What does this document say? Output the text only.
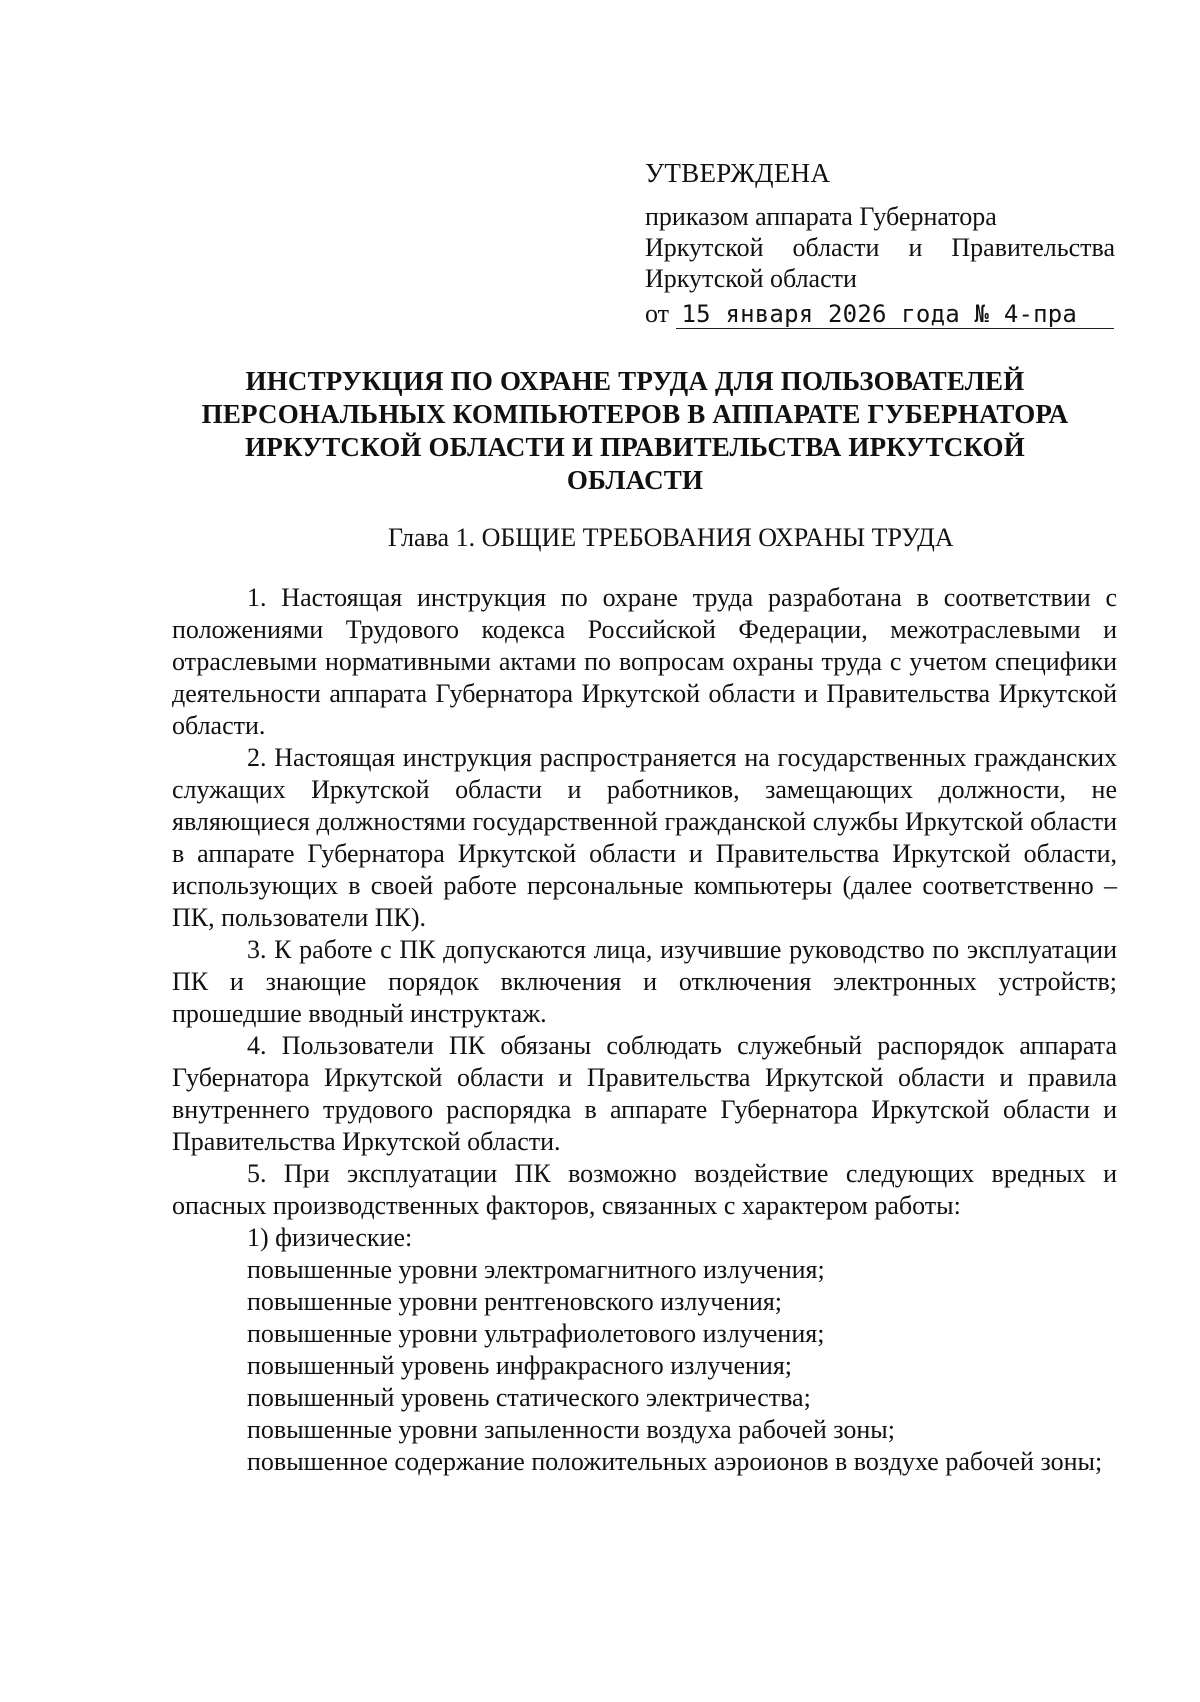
УТВЕРЖДЕНА
приказом аппарата Губернатора
Иркутской области и Правительства
Иркутской области
от 15 января 2026 года № 4-пра
ИНСТРУКЦИЯ ПО ОХРАНЕ ТРУДА ДЛЯ ПОЛЬЗОВАТЕЛЕЙ
ПЕРСОНАЛЬНЫХ КОМПЬЮТЕРОВ В АППАРАТЕ ГУБЕРНАТОРА
ИРКУТСКОЙ ОБЛАСТИ И ПРАВИТЕЛЬСТВА ИРКУТСКОЙ
ОБЛАСТИ
Глава 1. ОБЩИЕ ТРЕБОВАНИЯ ОХРАНЫ ТРУДА

1. Настоящая инструкция по охране труда разработана в соответствии с положениями Трудового кодекса Российской Федерации, межотраслевыми и отраслевыми нормативными актами по вопросам охраны труда с учетом специфики деятельности аппарата Губернатора Иркутской области и Правительства Иркутской области.

2. Настоящая инструкция распространяется на государственных гражданских служащих Иркутской области и работников, замещающих должности, не являющиеся должностями государственной гражданской службы Иркутской области в аппарате Губернатора Иркутской области и Правительства Иркутской области, использующих в своей работе персональные компьютеры (далее соответственно – ПК, пользователи ПК).

3. К работе с ПК допускаются лица, изучившие руководство по эксплуатации ПК и знающие порядок включения и отключения электронных устройств; прошедшие вводный инструктаж.

4. Пользователи ПК обязаны соблюдать служебный распорядок аппарата Губернатора Иркутской области и Правительства Иркутской области и правила внутреннего трудового распорядка в аппарате Губернатора Иркутской области и Правительства Иркутской области.

5. При эксплуатации ПК возможно воздействие следующих вредных и опасных производственных факторов, связанных с характером работы:

1) физические:
повышенные уровни электромагнитного излучения;
повышенные уровни рентгеновского излучения;
повышенные уровни ультрафиолетового излучения;
повышенный уровень инфракрасного излучения;
повышенный уровень статического электричества;
повышенные уровни запыленности воздуха рабочей зоны;

повышенное содержание положительных аэроионов в воздухе рабочей зоны;
